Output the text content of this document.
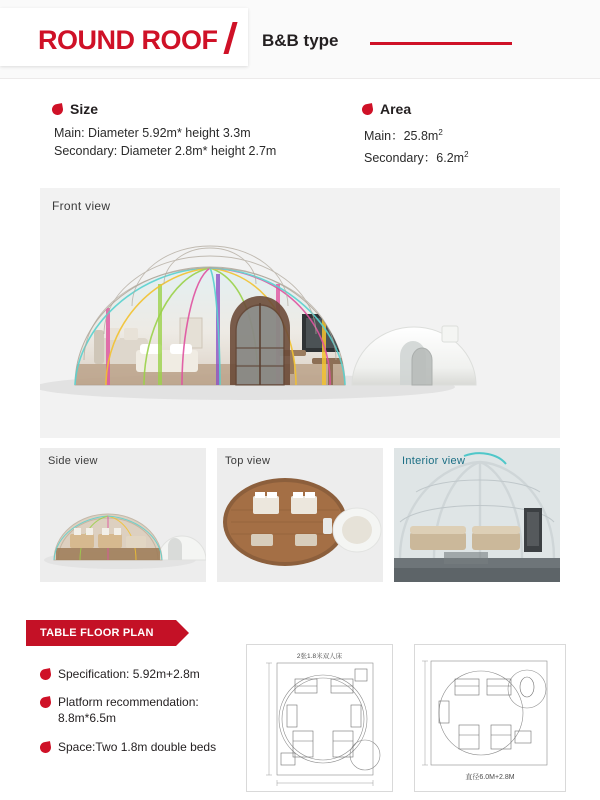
ROUND ROOF	B&B type
Size
Main: Diameter 5.92m* height 3.3m
Secondary: Diameter 2.8m* height 2.7m
Area
Main：$25.8m^2$
Secondary：$6.2m^2$
Front view
Side view	Top view	Interior view
TABLE FLOOR PLAN
Specification: 5.92m+2.8m
Platform recommendation: 8.8m*6.5m
Space:Two 1.8m double beds
2张1.8米双人床
直径6.0M+2.8M
